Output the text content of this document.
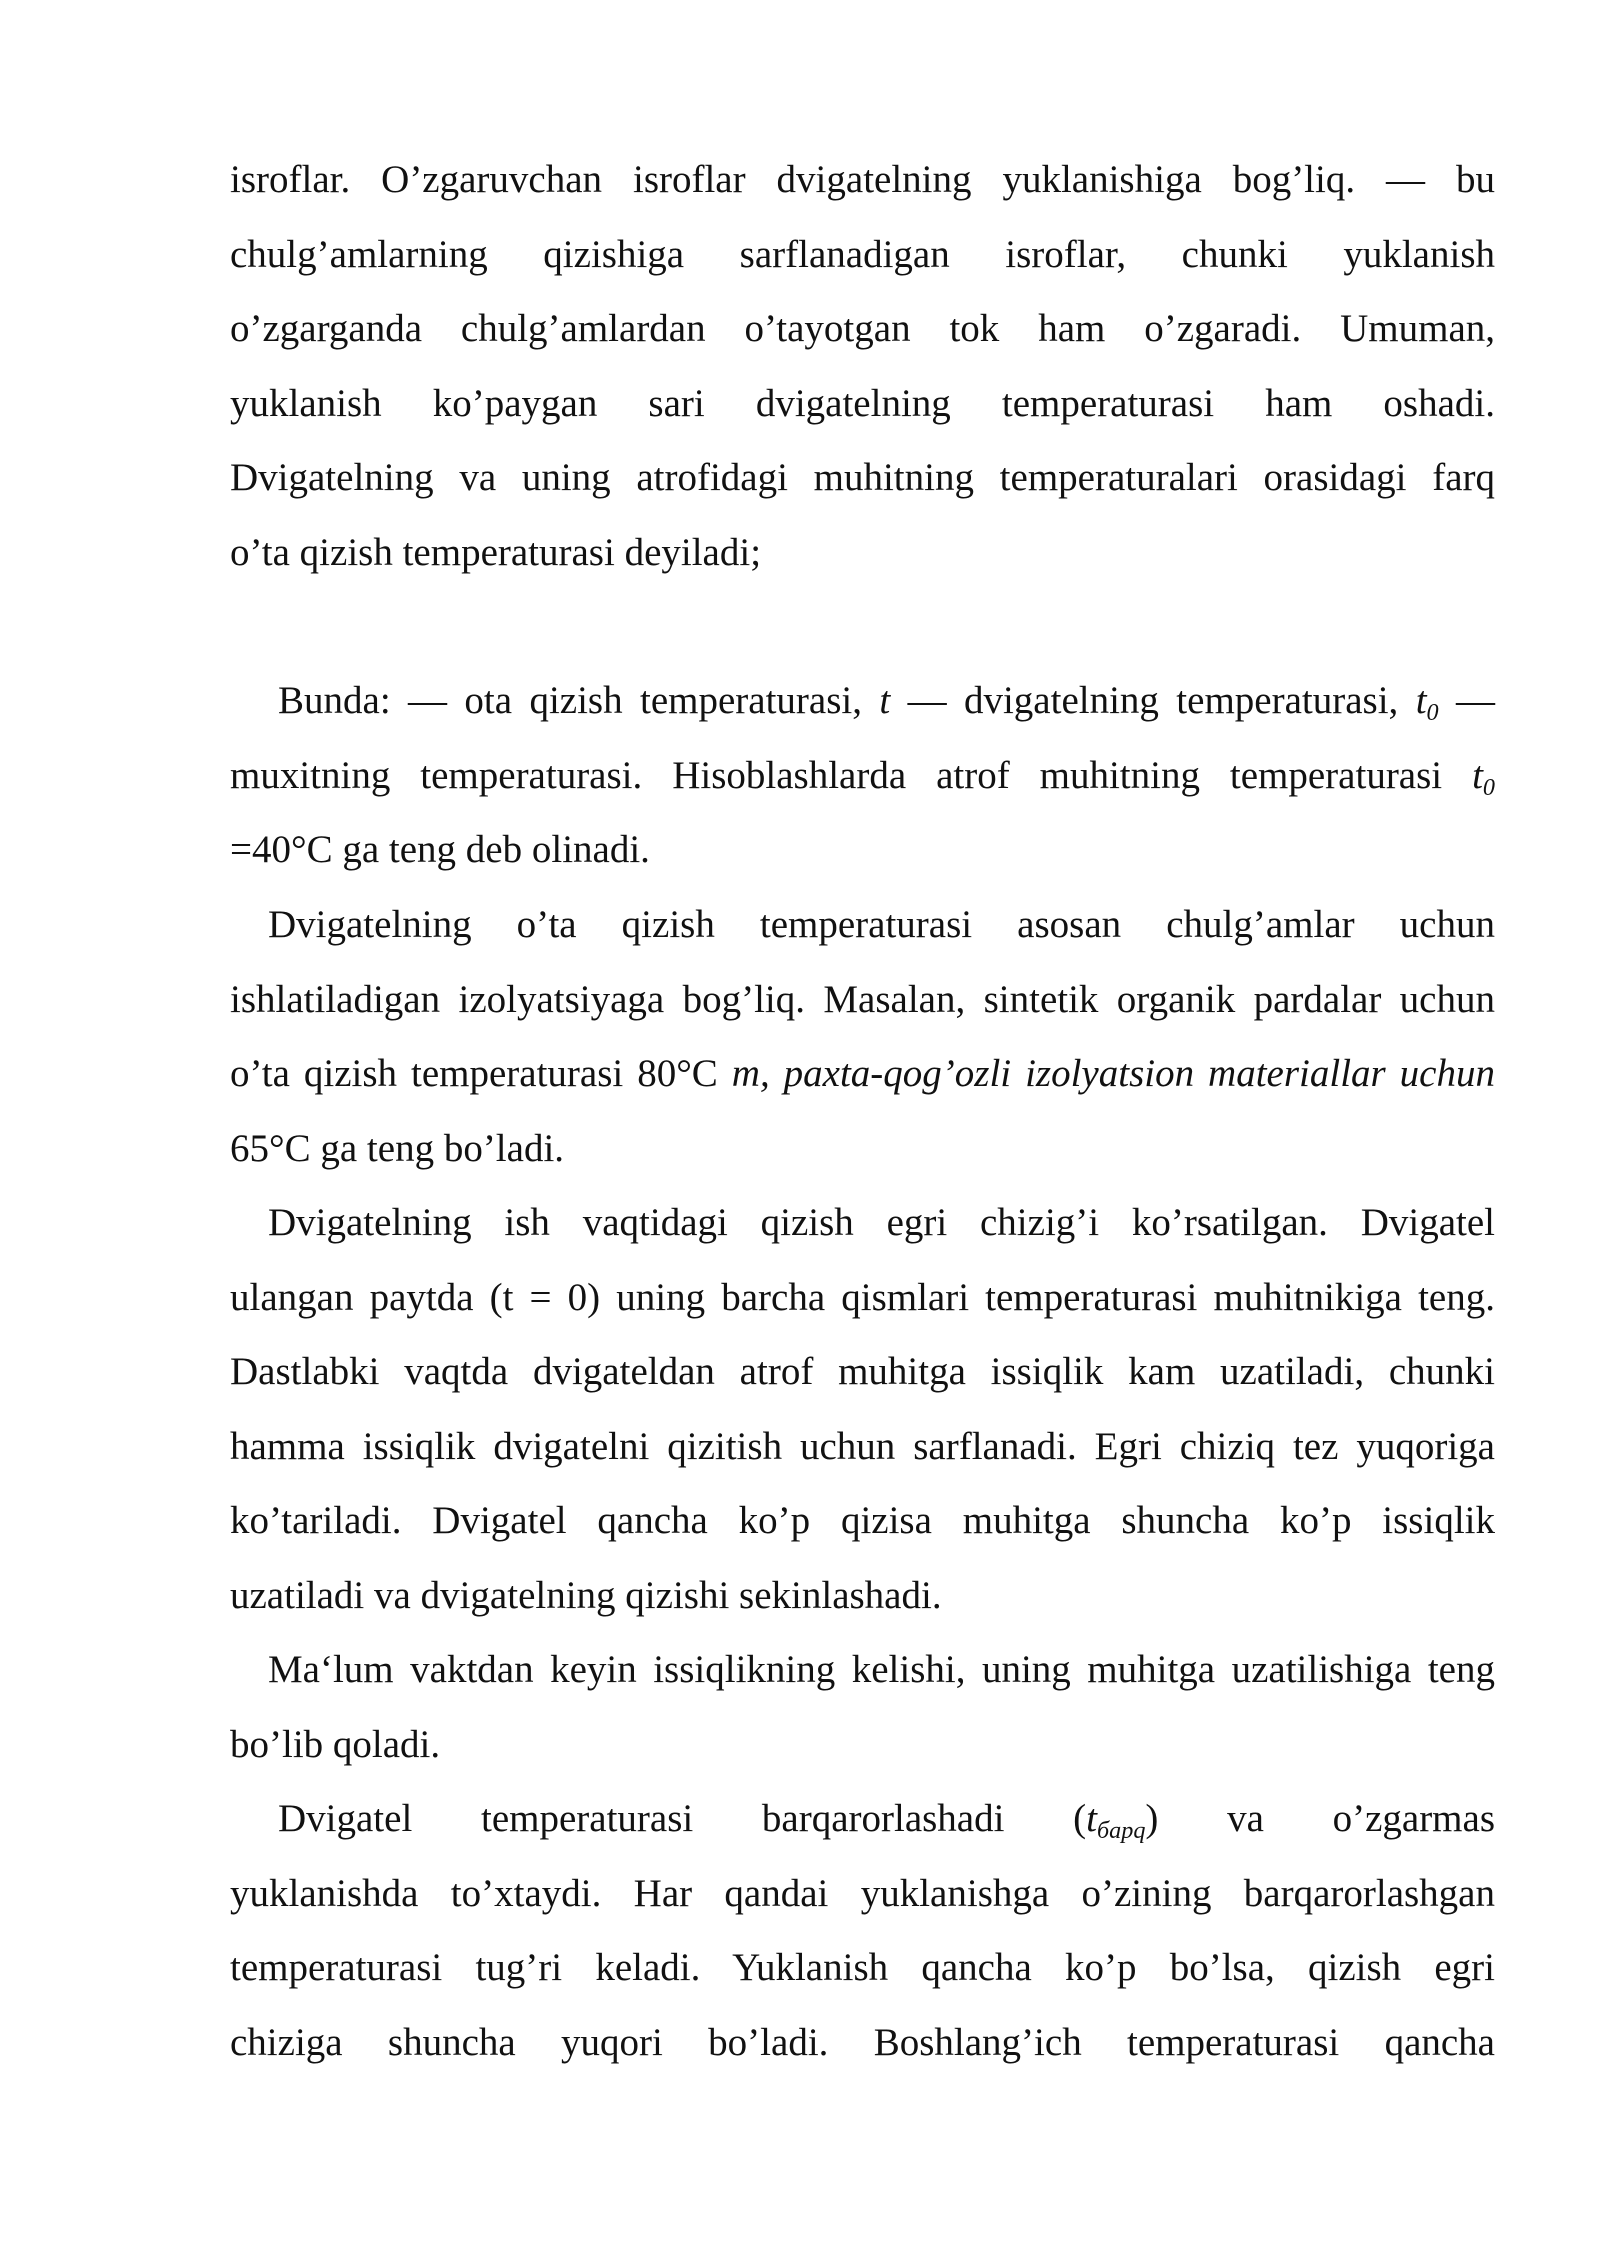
isroflar. O’zgaruvchan isroflar dvigatelning yuklanishiga bog’liq. — bu
chulg’amlarning qizishiga sarflanadigan isroflar, chunki yuklanish
o’zgarganda chulg’amlardan o’tayotgan tok ham o’zgaradi. Umuman,
yuklanish ko’paygan sari dvigatelning temperaturasi ham oshadi.
Dvigatelning va uning atrofidagi muhitning temperaturalari orasidagi farq
o’ta qizish temperaturasi deyiladi;
Bunda: — ota qizish temperaturasi, t — dvigatelning temperaturasi, $t_0$ —
muxitning temperaturasi. Hisoblashlarda atrof muhitning temperaturasi $t_0$
=40°C ga teng deb olinadi.
Dvigatelning o’ta qizish temperaturasi asosan chulg’amlar uchun
ishlatiladigan izolyatsiyaga bog’liq. Masalan, sintetik organik pardalar uchun
o’ta qizish temperaturasi 80°C m, paxta-qog’ozli izolyatsion materiallar uchun
65°C ga teng bo’ladi.
Dvigatelning ish vaqtidagi qizish egri chizig’i ko’rsatilgan. Dvigatel
ulangan paytda (t = 0) uning barcha qismlari temperaturasi muhitnikiga teng.
Dastlabki vaqtda dvigateldan atrof muhitga issiqlik kam uzatiladi, chunki
hamma issiqlik dvigatelni qizitish uchun sarflanadi. Egri chiziq tez yuqoriga
ko’tariladi. Dvigatel qancha ko’p qizisa muhitga shuncha ko’p issiqlik
uzatiladi va dvigatelning qizishi sekinlashadi.
Ma‘lum vaktdan keyin issiqlikning kelishi, uning muhitga uzatilishiga teng
bo’lib qoladi.
Dvigatel temperaturasi barqarorlashadi $(t_{барq})$ va o’zgarmas
yuklanishda to’xtaydi. Har qandai yuklanishga o’zining barqarorlashgan
temperaturasi tug’ri keladi. Yuklanish qancha ko’p bo’lsa, qizish egri
chiziga shuncha yuqori bo’ladi. Boshlang’ich temperaturasi qancha
